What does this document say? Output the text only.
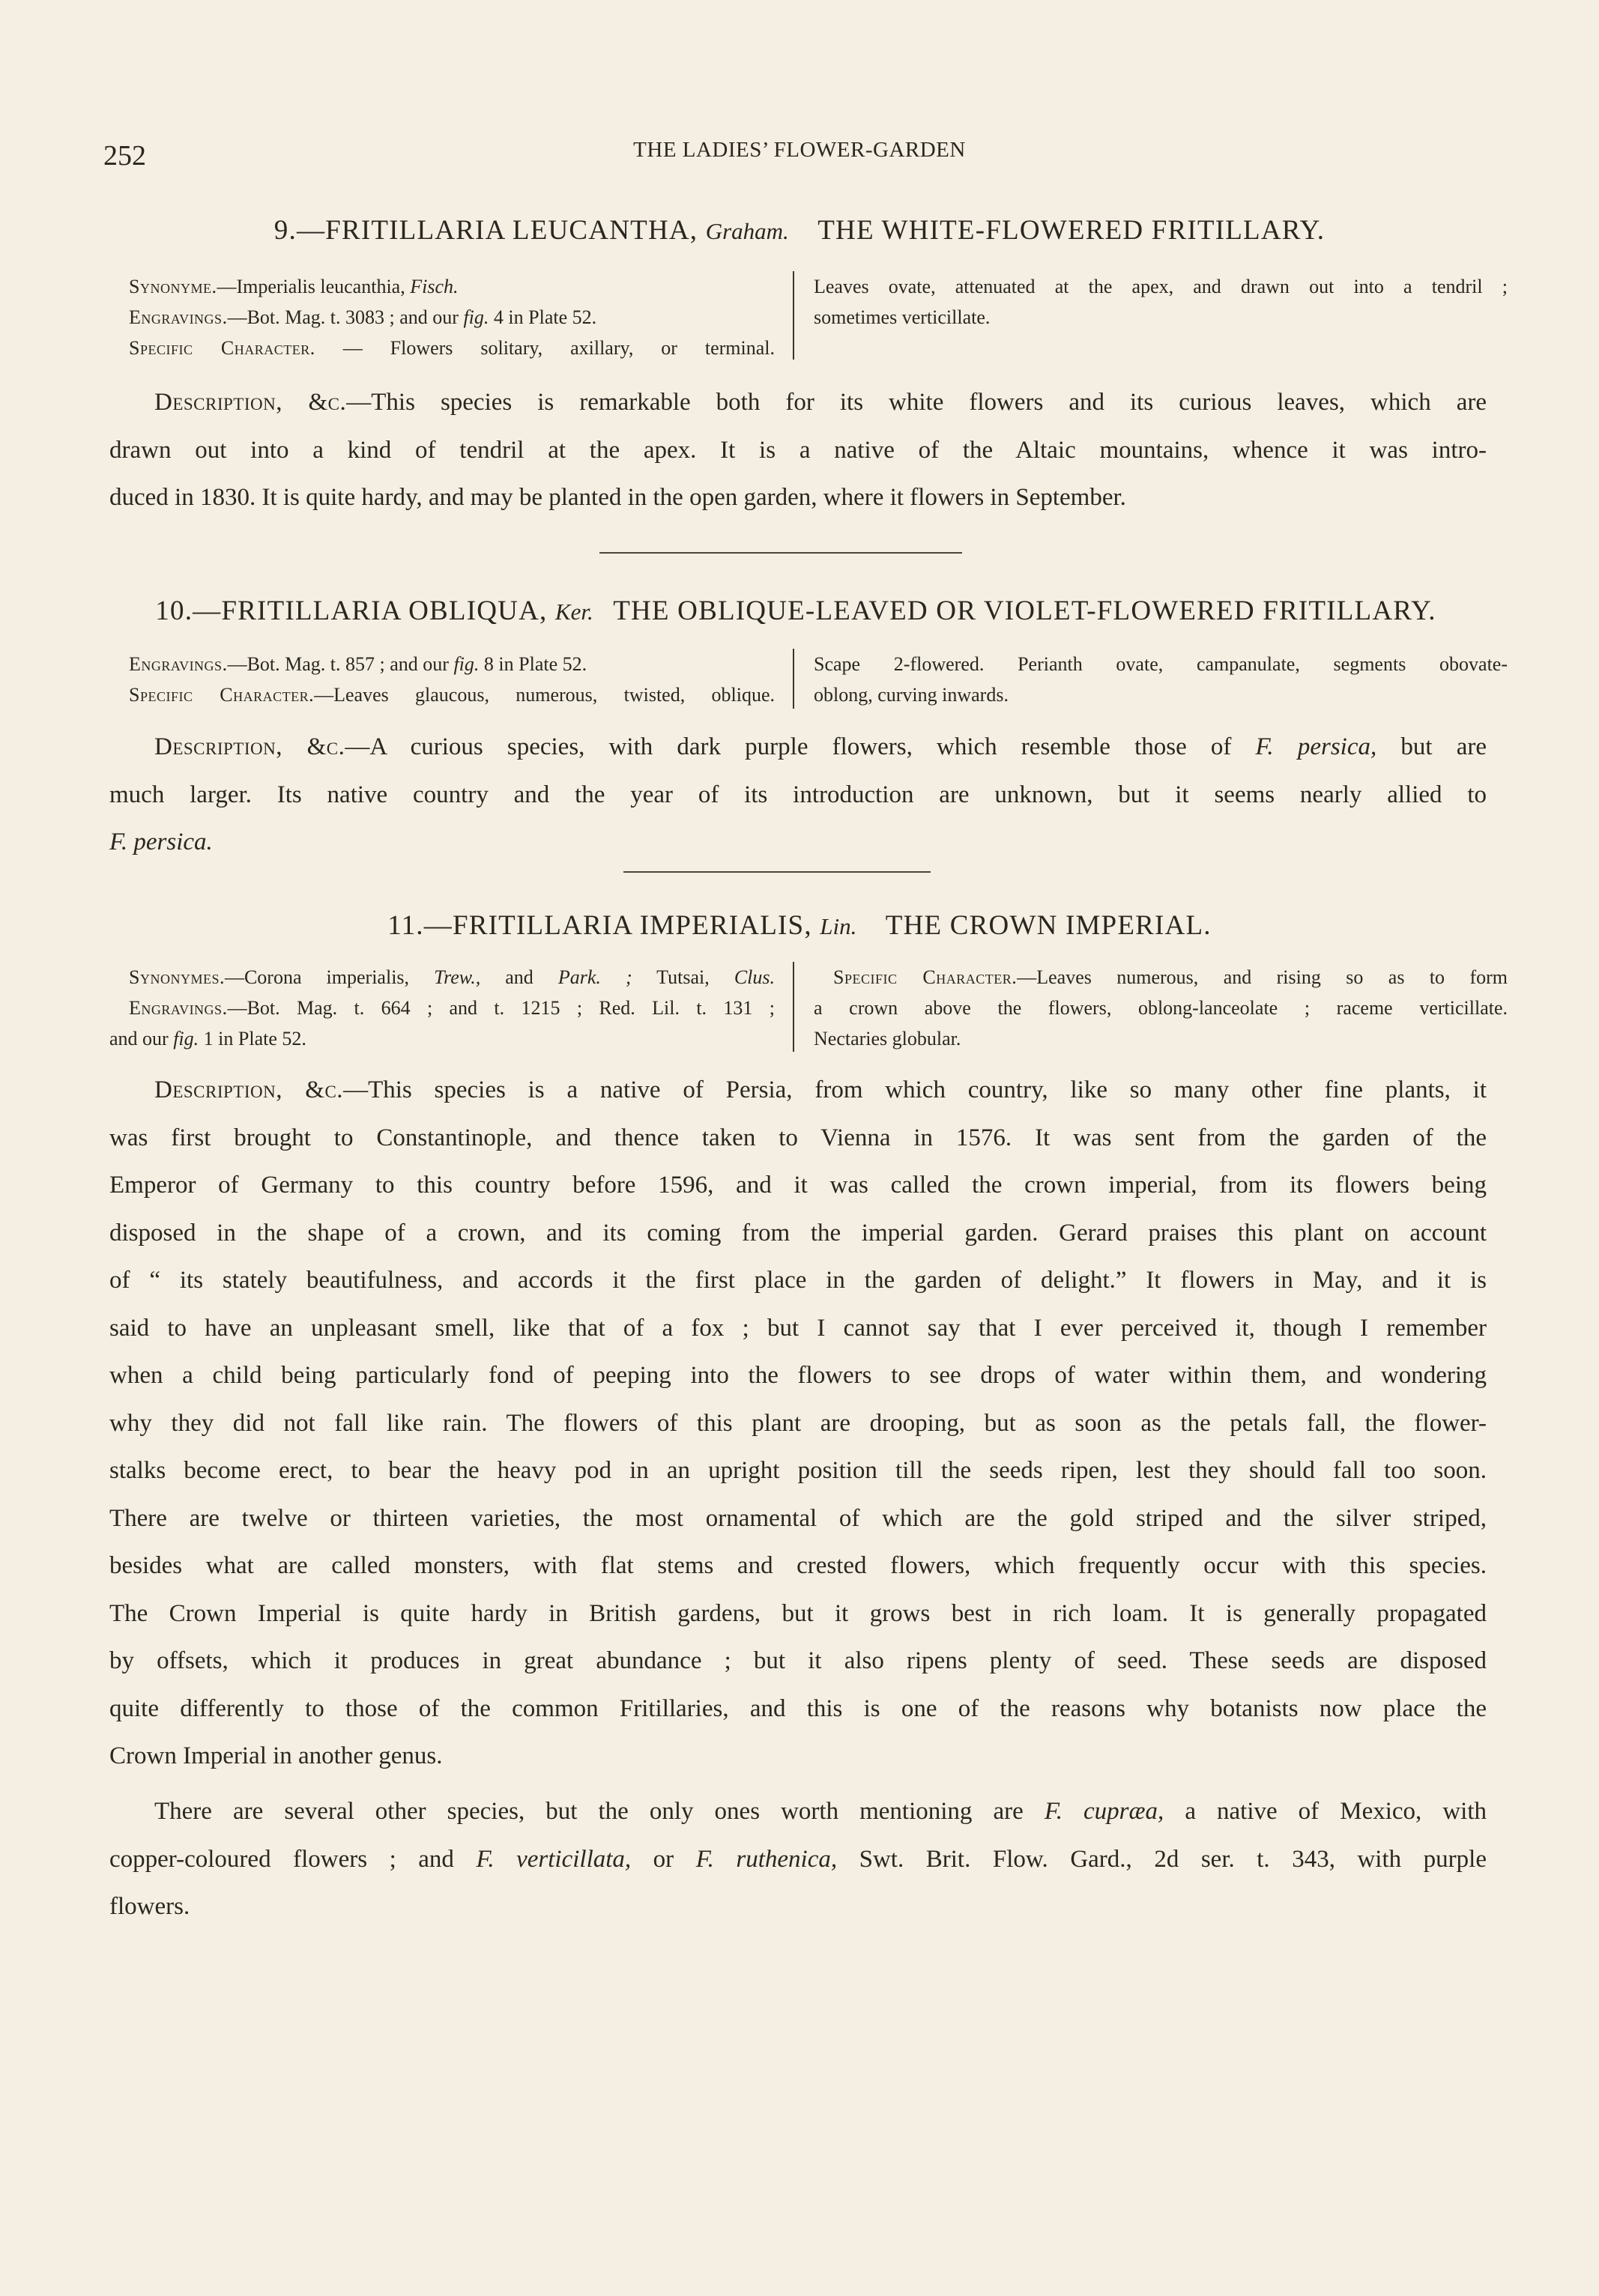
252	THE LADIES’ FLOWER-GARDEN
9.—FRITILLARIA LEUCANTHA, Graham. THE WHITE-FLOWERED FRITILLARY.
Synonyme.—Imperialis leucanthia, Fisch.
Engravings.—Bot. Mag. t. 3083 ; and our fig. 4 in Plate 52.
Specific Character. — Flowers solitary, axillary, or terminal.
Leaves ovate, attenuated at the apex, and drawn out into a tendril ;
sometimes verticillate.
Description, &c.—This species is remarkable both for its white flowers and its curious leaves, which are
drawn out into a kind of tendril at the apex. It is a native of the Altaic mountains, whence it was intro-
duced in 1830. It is quite hardy, and may be planted in the open garden, where it flowers in September.
10.—FRITILLARIA OBLIQUA, Ker. THE OBLIQUE-LEAVED OR VIOLET-FLOWERED FRITILLARY.
Engravings.—Bot. Mag. t. 857 ; and our fig. 8 in Plate 52.
Specific Character.—Leaves glaucous, numerous, twisted, oblique.
Scape 2-flowered. Perianth ovate, campanulate, segments obovate-
oblong, curving inwards.
Description, &c.—A curious species, with dark purple flowers, which resemble those of F. persica, but are
much larger. Its native country and the year of its introduction are unknown, but it seems nearly allied to
F. persica.
11.—FRITILLARIA IMPERIALIS, Lin. THE CROWN IMPERIAL.
Synonymes.—Corona imperialis, Trew., and Park. ; Tutsai, Clus.
Engravings.—Bot. Mag. t. 664 ; and t. 1215 ; Red. Lil. t. 131 ;
and our fig. 1 in Plate 52.
Specific Character.—Leaves numerous, and rising so as to form
a crown above the flowers, oblong-lanceolate ; raceme verticillate.
Nectaries globular.
Description, &c.—This species is a native of Persia, from which country, like so many other fine plants, it
was first brought to Constantinople, and thence taken to Vienna in 1576. It was sent from the garden of the
Emperor of Germany to this country before 1596, and it was called the crown imperial, from its flowers being
disposed in the shape of a crown, and its coming from the imperial garden. Gerard praises this plant on account
of “ its stately beautifulness, and accords it the first place in the garden of delight.” It flowers in May, and it is
said to have an unpleasant smell, like that of a fox ; but I cannot say that I ever perceived it, though I remember
when a child being particularly fond of peeping into the flowers to see drops of water within them, and wondering
why they did not fall like rain. The flowers of this plant are drooping, but as soon as the petals fall, the flower-
stalks become erect, to bear the heavy pod in an upright position till the seeds ripen, lest they should fall too soon.
There are twelve or thirteen varieties, the most ornamental of which are the gold striped and the silver striped,
besides what are called monsters, with flat stems and crested flowers, which frequently occur with this species.
The Crown Imperial is quite hardy in British gardens, but it grows best in rich loam. It is generally propagated
by offsets, which it produces in great abundance ; but it also ripens plenty of seed. These seeds are disposed
quite differently to those of the common Fritillaries, and this is one of the reasons why botanists now place the
Crown Imperial in another genus.
There are several other species, but the only ones worth mentioning are F. cupræa, a native of Mexico, with
copper-coloured flowers ; and F. verticillata, or F. ruthenica, Swt. Brit. Flow. Gard., 2d ser. t. 343, with purple
flowers.
